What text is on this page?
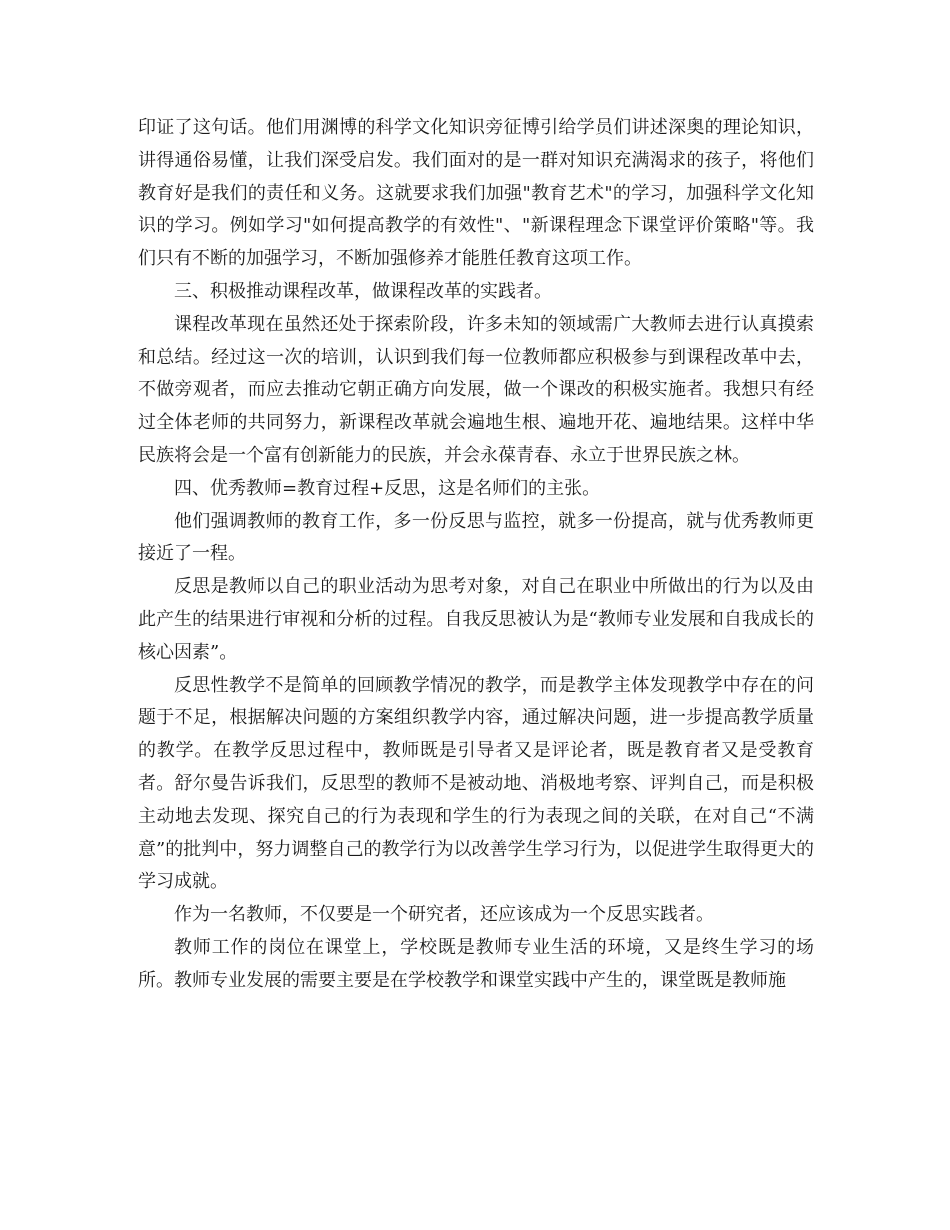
印证了这句话。他们用渊博的科学文化知识旁征博引给学员们讲述深奥的理论知识，讲得通俗易懂，让我们深受启发。我们面对的是一群对知识充满渴求的孩子，将他们教育好是我们的责任和义务。这就要求我们加强"教育艺术"的学习，加强科学文化知识的学习。例如学习"如何提高教学的有效性"、"新课程理念下课堂评价策略"等。我们只有不断的加强学习，不断加强修养才能胜任教育这项工作。

三、积极推动课程改革，做课程改革的实践者。

课程改革现在虽然还处于探索阶段，许多未知的领域需广大教师去进行认真摸索和总结。经过这一次的培训，认识到我们每一位教师都应积极参与到课程改革中去，不做旁观者，而应去推动它朝正确方向发展，做一个课改的积极实施者。我想只有经过全体老师的共同努力，新课程改革就会遍地生根、遍地开花、遍地结果。这样中华民族将会是一个富有创新能力的民族，并会永葆青春、永立于世界民族之林。

四、优秀教师=教育过程+反思，这是名师们的主张。

他们强调教师的教育工作，多一份反思与监控，就多一份提高，就与优秀教师更接近了一程。

反思是教师以自己的职业活动为思考对象，对自己在职业中所做出的行为以及由此产生的结果进行审视和分析的过程。自我反思被认为是“教师专业发展和自我成长的核心因素”。

反思性教学不是简单的回顾教学情况的教学，而是教学主体发现教学中存在的问题于不足，根据解决问题的方案组织教学内容，通过解决问题，进一步提高教学质量的教学。在教学反思过程中，教师既是引导者又是评论者，既是教育者又是受教育者。舒尔曼告诉我们，反思型的教师不是被动地、消极地考察、评判自己，而是积极主动地去发现、探究自己的行为表现和学生的行为表现之间的关联，在对自己“不满意”的批判中，努力调整自己的教学行为以改善学生学习行为，以促进学生取得更大的学习成就。

作为一名教师，不仅要是一个研究者，还应该成为一个反思实践者。

教师工作的岗位在课堂上，学校既是教师专业生活的环境，又是终生学习的场所。教师专业发展的需要主要是在学校教学和课堂实践中产生的，课堂既是教师施
